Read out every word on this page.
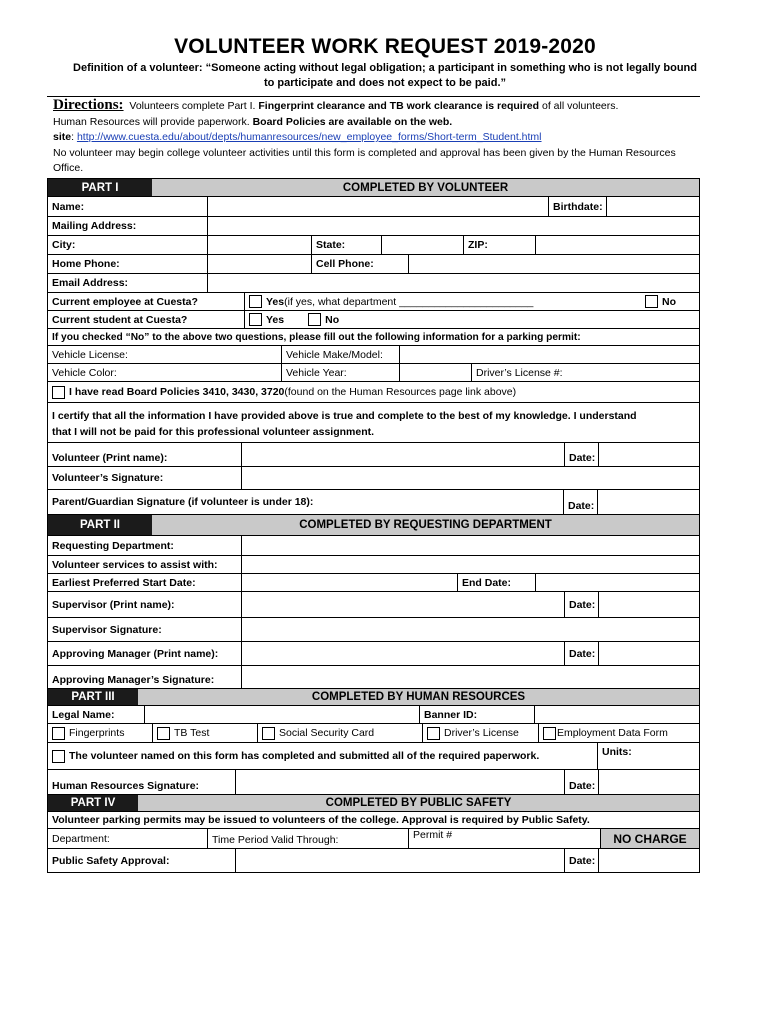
VOLUNTEER WORK REQUEST 2019-2020
Definition of a volunteer: “Someone acting without legal obligation; a participant in something who is not legally bound
to participate and does not expect to be paid.”
Directions: Volunteers complete Part I. Fingerprint clearance and TB work clearance is required of all volunteers.
Human Resources will provide paperwork. Board Policies are available on the web.
site: http://www.cuesta.edu/about/depts/humanresources/new_employee_forms/Short-term_Student.html
No volunteer may begin college volunteer activities until this form is completed and approval has been given by the Human Resources Office.
PART I	COMPLETED BY VOLUNTEER
Name:	Birthdate:
Mailing Address:
City:	State:	ZIP:
Home Phone:	Cell Phone:
Email Address:
Current employee at Cuesta?	Yes (if yes, what department _______________________	No
Current student at Cuesta?	Yes	No
If you checked “No” to the above two questions, please fill out the following information for a parking permit:
Vehicle License:	Vehicle Make/Model:
Vehicle Color:	Vehicle Year:	Driver’s License #:
I have read Board Policies 3410, 3430, 3720 (found on the Human Resources page link above)
I certify that all the information I have provided above is true and complete to the best of my knowledge. I understand
that I will not be paid for this professional volunteer assignment.
Volunteer (Print name):	Date:
Volunteer’s Signature:
Parent/Guardian Signature (if volunteer is under 18):	Date:
PART II	COMPLETED BY REQUESTING DEPARTMENT
Requesting Department:
Volunteer services to assist with:
Earliest Preferred Start Date:	End Date:
Supervisor (Print name):	Date:
Supervisor Signature:
Approving Manager (Print name):	Date:
Approving Manager’s Signature:
PART III	COMPLETED BY HUMAN RESOURCES
Legal Name:	Banner ID:
Fingerprints	TB Test	Social Security Card	Driver’s License	Employment Data Form
The volunteer named on this form has completed and submitted all of the required paperwork.	Units:
Human Resources Signature:	Date:
PART IV	COMPLETED BY PUBLIC SAFETY
Volunteer parking permits may be issued to volunteers of the college. Approval is required by Public Safety.
Department:	Time Period Valid Through:	Permit #	NO CHARGE
Public Safety Approval:	Date:
